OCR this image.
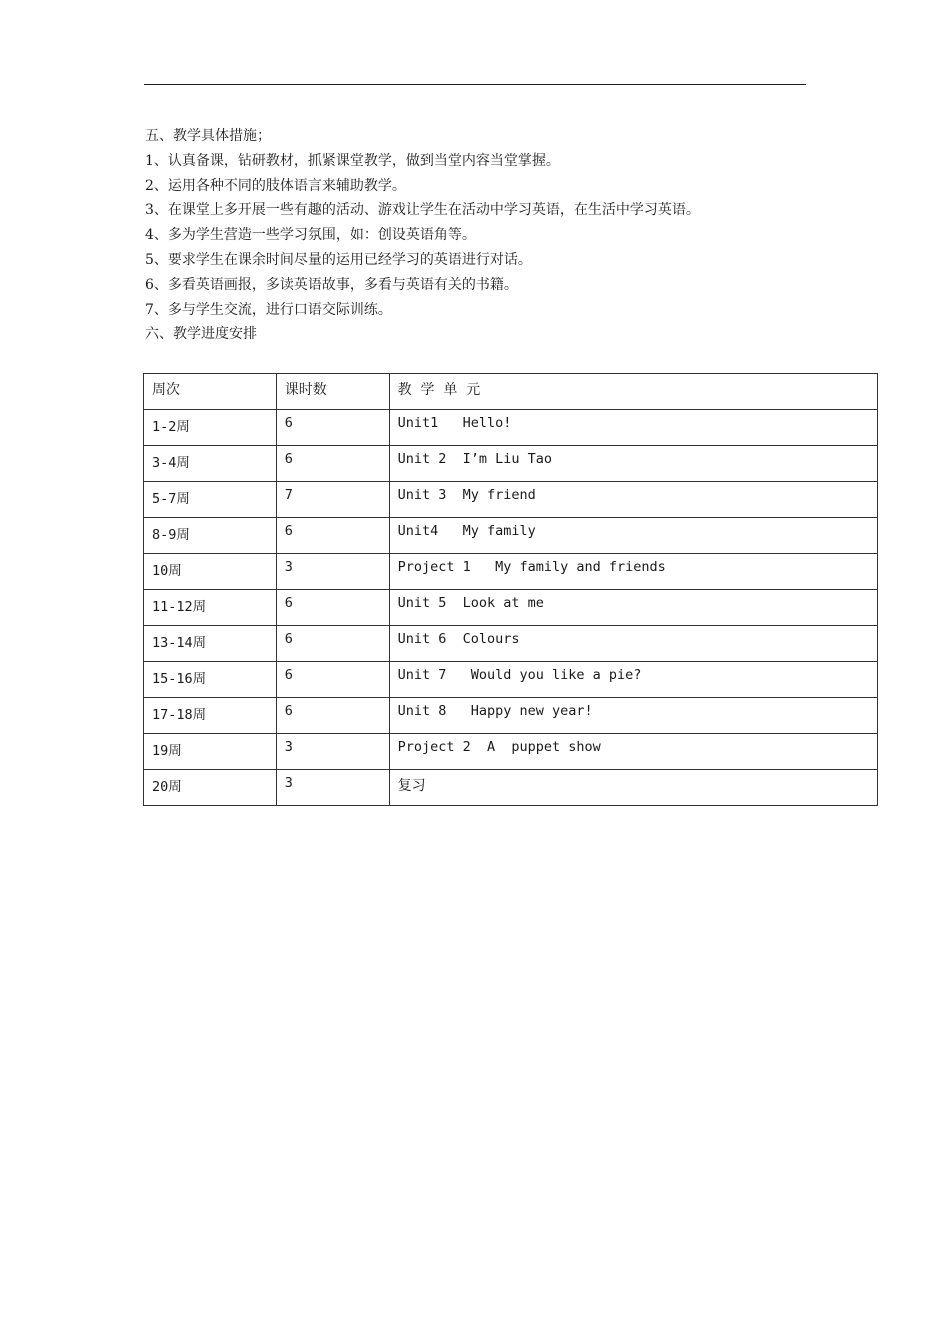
五、教学具体措施；

1、认真备课，钻研教材，抓紧课堂教学，做到当堂内容当堂掌握。

2、运用各种不同的肢体语言来辅助教学。

3、在课堂上多开展一些有趣的活动、游戏让学生在活动中学习英语，在生活中学习英语。

4、多为学生营造一些学习氛围，如：创设英语角等。

5、要求学生在课余时间尽量的运用已经学习的英语进行对话。

6、多看英语画报，多读英语故事，多看与英语有关的书籍。

7、多与学生交流，进行口语交际训练。

六、教学进度安排

周次	课时数	教  学  单  元
1-2周	6	Unit1   Hello!
3-4周	6	Unit 2  I’m Liu Tao
5-7周	7	Unit 3  My friend
8-9周	6	Unit4   My family
10周	3	Project 1   My family and friends
11-12周	6	Unit 5  Look at me
13-14周	6	Unit 6  Colours
15-16周	6	Unit 7   Would you like a pie?
17-18周	6	Unit 8   Happy new year!
19周	3	Project 2  A  puppet show
20周	3	复习
